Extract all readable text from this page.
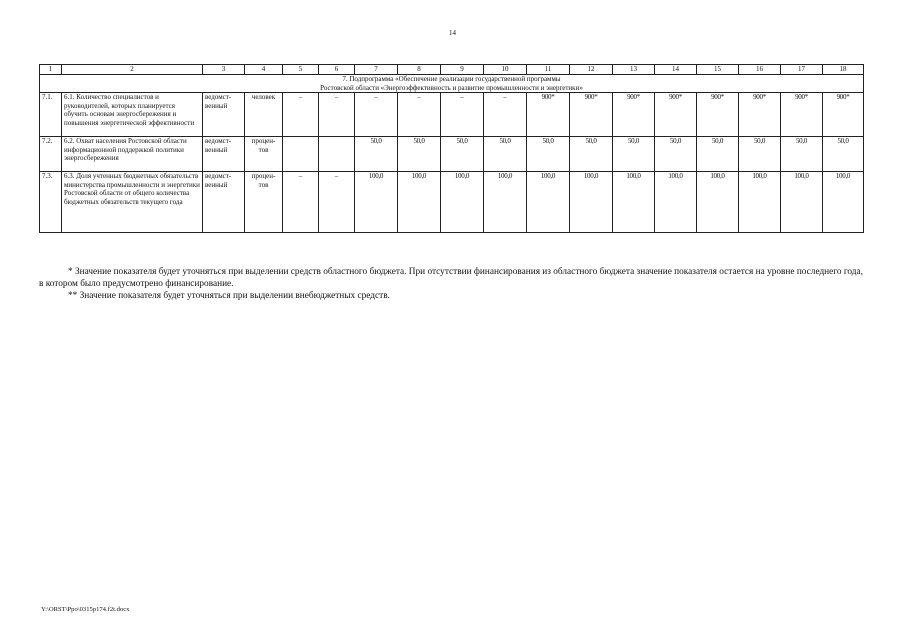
14
1	2	3	4	5	6	7	8	9	10	11	12	13	14	15	16	17	18

7. Подпрограмма «Обеспечение реализации государственной программы
Ростовской области «Энергоэффективность и развитие промышленности и энергетики»																	

7.1.	6.1. Количество специалистов и руководителей, которых планируется обучить основам энергосбережения и повышения энергетической эффективности	ведомст-венный	человек	–	–	–	–	–	–	900*	900*	900*	900*	900*	900*	900*	900*
7.2.	6.2. Охват населения Ростовской области информационной поддержкой политики энергосбережения	ведомст-венный	процен-тов			50,0	50,0	50,0	50,0	50,0	50,0	50,0	50,0	50,0	50,0	50,0	50,0
7.3.	6.3. Доля учтенных бюджетных обязательств министерства промышленности и энергетики Ростовской области от общего количества бюджетных обязательств текущего года	ведомст-венный	процен-тов	–	–	100,0	100,0	100,0	100,0	100,0	100,0	100,0	100,0	100,0	100,0	100,0	100,0

* Значение показателя будет уточняться при выделении средств областного бюджета. При отсутствии финансирования из областного бюджета значение показателя остается на уровне последнего года, в котором было предусмотрено финансирование.

** Значение показателя будет уточняться при выделении внебюджетных средств.

Y:\ORST\Ppo\0315p174.f2t.docx
